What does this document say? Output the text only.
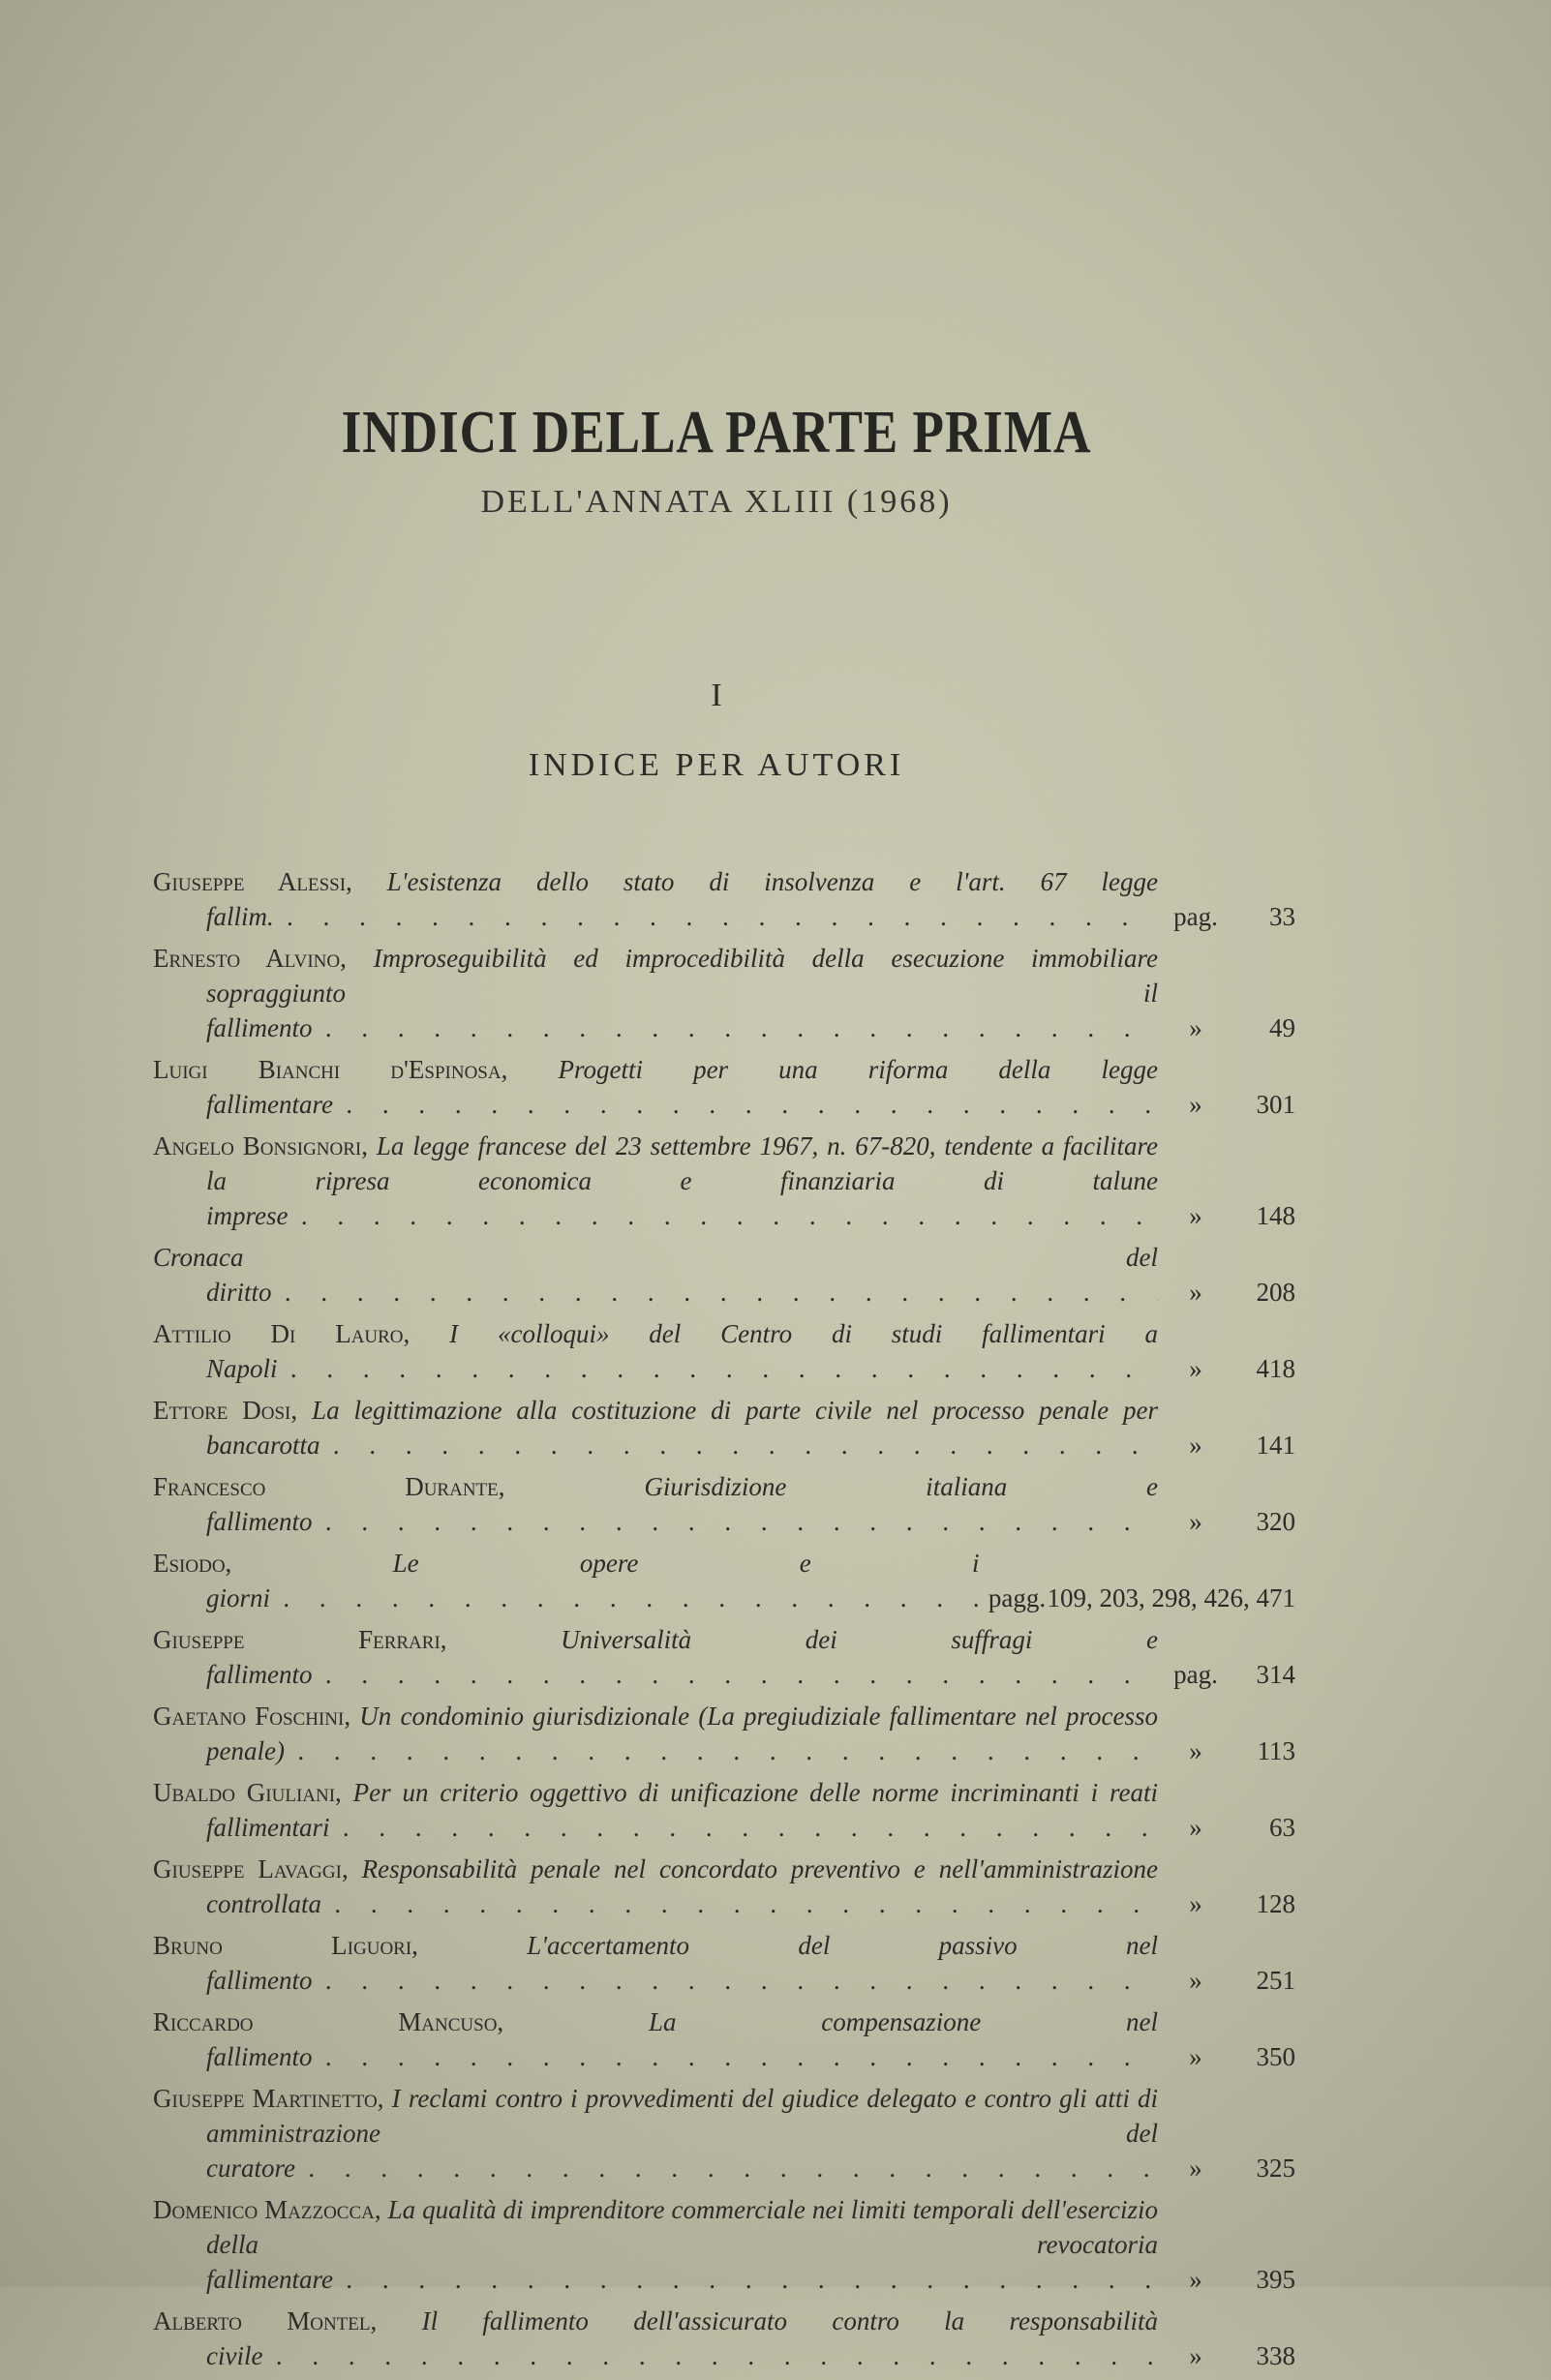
INDICI DELLA PARTE PRIMA
DELL'ANNATA XLIII (1968)
I
INDICE PER AUTORI
Giuseppe Alessi, L'esistenza dello stato di insolvenza e l'art. 67 legge fallim. . . .	pag.	33
Ernesto Alvino, Improseguibilità ed improcedibilità della esecuzione immobiliare sopraggiunto il fallimento . . .	»	49
Luigi Bianchi d'Espinosa, Progetti per una riforma della legge fallimentare . . .	»	301
Angelo Bonsignori, La legge francese del 23 settembre 1967, n. 67-820, tendente a facilitare la ripresa economica e finanziaria di talune imprese . . .	»	148
Cronaca del diritto . . .	»	208
Attilio Di Lauro, I «colloqui» del Centro di studi fallimentari a Napoli . . .	»	418
Ettore Dosi, La legittimazione alla costituzione di parte civile nel processo penale per bancarotta . . .	»	141
Francesco Durante,	Giurisdizione italiana e fallimento . . .	»	320
Esiodo,	Le opere e i giorni . . .	pagg. 109, 203, 298, 426, 471
Giuseppe Ferrari,	Universalità dei suffragi e fallimento . . .	pag.	314
Gaetano Foschini, Un condominio giurisdizionale (La pregiudiziale fallimentare nel processo penale) . . .	»	113
Ubaldo Giuliani, Per un criterio oggettivo di unificazione delle norme incriminanti i reati fallimentari . . .	»	63
Giuseppe Lavaggi, Responsabilità penale nel concordato preventivo e nell'amministrazione controllata . . .	»	128
Bruno Liguori,	L'accertamento del passivo nel fallimento . . .	»	251
Riccardo Mancuso,	La compensazione nel fallimento . . .	»	350
Giuseppe Martinetto, I reclami contro i provvedimenti del giudice delegato e contro gli atti di amministrazione del curatore . . .	»	325
Domenico Mazzocca, La qualità di imprenditore commerciale nei limiti temporali dell'esercizio della revocatoria fallimentare . . .	»	395
Alberto Montel, Il fallimento dell'assicurato contro la responsabilità civile . . .	»	338
